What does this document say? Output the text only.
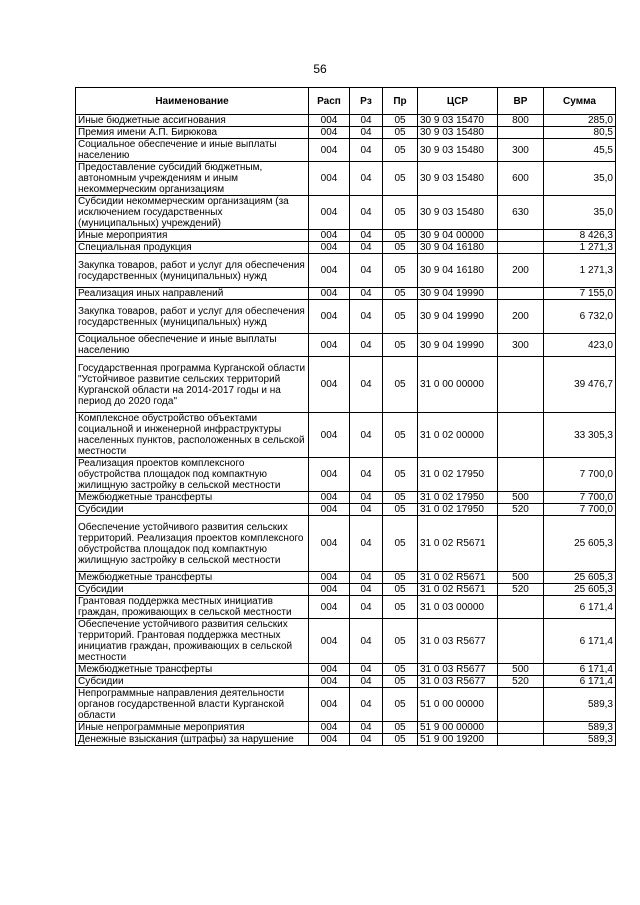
56
Наименование	Расп	Рз	Пр	ЦСР	ВР	Сумма
Иные бюджетные ассигнования	004	04	05	30 9 03 15470	800	285,0
Премия имени А.П. Бирюкова	004	04	05	30 9 03 15480		80,5
Социальное обеспечение и иные выплаты населению	004	04	05	30 9 03 15480	300	45,5
Предоставление субсидий бюджетным, автономным учреждениям и иным некоммерческим организациям	004	04	05	30 9 03 15480	600	35,0
Субсидии некоммерческим организациям (за исключением государственных (муниципальных) учреждений)	004	04	05	30 9 03 15480	630	35,0
Иные мероприятия	004	04	05	30 9 04 00000		8 426,3
Специальная продукция	004	04	05	30 9 04 16180		1 271,3
Закупка товаров, работ и услуг для обеспечения государственных (муниципальных) нужд	004	04	05	30 9 04 16180	200	1 271,3
Реализация иных направлений	004	04	05	30 9 04 19990		7 155,0
Закупка товаров, работ и услуг для обеспечения государственных (муниципальных) нужд	004	04	05	30 9 04 19990	200	6 732,0
Социальное обеспечение и иные выплаты населению	004	04	05	30 9 04 19990	300	423,0
Государственная программа Курганской области "Устойчивое развитие сельских территорий Курганской области на 2014-2017 годы и на период до 2020 года"	004	04	05	31 0 00 00000		39 476,7
Комплексное обустройство объектами социальной и инженерной инфраструктуры населенных пунктов, расположенных в сельской местности	004	04	05	31 0 02 00000		33 305,3
Реализация проектов комплексного обустройства площадок под компактную жилищную застройку в сельской местности	004	04	05	31 0 02 17950		7 700,0
Межбюджетные трансферты	004	04	05	31 0 02 17950	500	7 700,0
Субсидии	004	04	05	31 0 02 17950	520	7 700,0
Обеспечение устойчивого развития сельских территорий. Реализация проектов комплексного обустройства площадок под компактную жилищную застройку в сельской местности	004	04	05	31 0 02 R5671		25 605,3
Межбюджетные трансферты	004	04	05	31 0 02 R5671	500	25 605,3
Субсидии	004	04	05	31 0 02 R5671	520	25 605,3
Грантовая поддержка местных инициатив граждан, проживающих в сельской местности	004	04	05	31 0 03 00000		6 171,4
Обеспечение устойчивого развития сельских территорий. Грантовая поддержка местных инициатив граждан, проживающих в сельской местности	004	04	05	31 0 03 R5677		6 171,4
Межбюджетные трансферты	004	04	05	31 0 03 R5677	500	6 171,4
Субсидии	004	04	05	31 0 03 R5677	520	6 171,4
Непрограммные направления деятельности органов государственной власти Курганской области	004	04	05	51 0 00 00000		589,3
Иные непрограммные мероприятия	004	04	05	51 9 00 00000		589,3
Денежные взыскания (штрафы) за нарушение	004	04	05	51 9 00 19200		589,3
